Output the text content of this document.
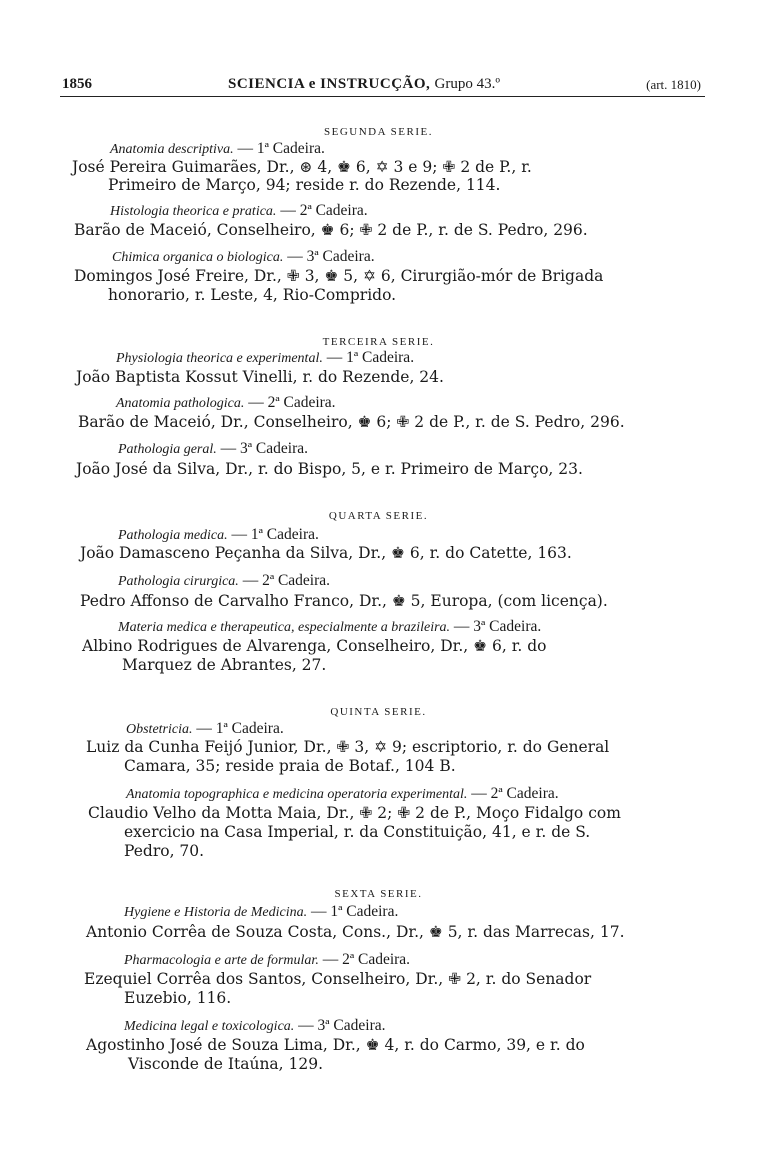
1856	SCIENCIA e INSTRUCÇÃO, Grupo 43.º	(art. 1810)
SEGUNDA SERIE.
Anatomia descriptiva. — 1ª Cadeira.
José Pereira Guimarães, Dr., ⊛ 4, ♚ 6, ✡ 3 e 9; ✙ 2 de P., r.
Primeiro de Março, 94; reside r. do Rezende, 114.
Histologia theorica e pratica. — 2ª Cadeira.
Barão de Maceió, Conselheiro, ♚ 6; ✙ 2 de P., r. de S. Pedro, 296.
Chimica organica o biologica. — 3ª Cadeira.
Domingos José Freire, Dr., ✙ 3, ♚ 5, ✡ 6, Cirurgião-mór de Brigada
honorario, r. Leste, 4, Rio-Comprido.
TERCEIRA SERIE.
Physiologia theorica e experimental. — 1ª Cadeira.
João Baptista Kossut Vinelli, r. do Rezende, 24.
Anatomia pathologica. — 2ª Cadeira.
Barão de Maceió, Dr., Conselheiro, ♚ 6; ✙ 2 de P., r. de S. Pedro, 296.
Pathologia geral. — 3ª Cadeira.
João José da Silva, Dr., r. do Bispo, 5, e r. Primeiro de Março, 23.
QUARTA SERIE.
Pathologia medica. — 1ª Cadeira.
João Damasceno Peçanha da Silva, Dr., ♚ 6, r. do Catette, 163.
Pathologia cirurgica. — 2ª Cadeira.
Pedro Affonso de Carvalho Franco, Dr., ♚ 5, Europa, (com licença).
Materia medica e therapeutica, especialmente a brazileira. — 3ª Cadeira.
Albino Rodrigues de Alvarenga, Conselheiro, Dr., ♚ 6, r. do
Marquez de Abrantes, 27.
QUINTA SERIE.
Obstetricia. — 1ª Cadeira.
Luiz da Cunha Feijó Junior, Dr., ✙ 3, ✡ 9; escriptorio, r. do General
Camara, 35; reside praia de Botaf., 104 B.
Anatomia topographica e medicina operatoria experimental. — 2ª Cadeira.
Claudio Velho da Motta Maia, Dr., ✙ 2; ✙ 2 de P., Moço Fidalgo com
exercicio na Casa Imperial, r. da Constituição, 41, e r. de S.
Pedro, 70.
SEXTA SERIE.
Hygiene e Historia de Medicina. — 1ª Cadeira.
Antonio Corrêa de Souza Costa, Cons., Dr., ♚ 5, r. das Marrecas, 17.
Pharmacologia e arte de formular. — 2ª Cadeira.
Ezequiel Corrêa dos Santos, Conselheiro, Dr., ✙ 2, r. do Senador
Euzebio, 116.
Medicina legal e toxicologica. — 3ª Cadeira.
Agostinho José de Souza Lima, Dr., ♚ 4, r. do Carmo, 39, e r. do
Visconde de Itaúna, 129.
